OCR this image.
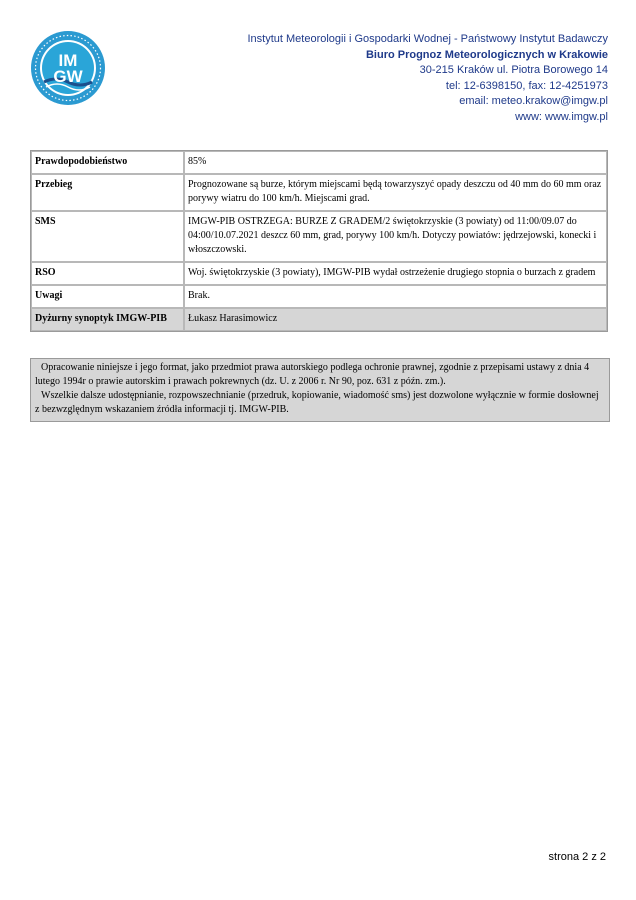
IM
GW
Instytut Meteorologii i Gospodarki Wodnej - Państwowy Instytut Badawczy
Biuro Prognoz Meteorologicznych w Krakowie
30-215 Kraków ul. Piotra Borowego 14
tel: 12-6398150, fax: 12-4251973
email: meteo.krakow@imgw.pl
www: www.imgw.pl
Prawdopodobieństwo	85%
Przebieg	Prognozowane są burze, którym miejscami będą towarzyszyć opady deszczu od 40 mm do 60 mm oraz porywy wiatru do 100 km/h. Miejscami grad.
SMS	IMGW-PIB OSTRZEGA: BURZE Z GRADEM/2 świętokrzyskie (3 powiaty) od 11:00/09.07 do 04:00/10.07.2021 deszcz 60 mm, grad, porywy 100 km/h. Dotyczy powiatów: jędrzejowski, konecki i włoszczowski.
RSO	Woj. świętokrzyskie (3 powiaty), IMGW-PIB wydał ostrzeżenie drugiego stopnia o burzach z gradem
Uwagi	Brak.
Dyżurny synoptyk IMGW-PIB	Łukasz Harasimowicz

Opracowanie niniejsze i jego format, jako przedmiot prawa autorskiego podlega ochronie prawnej, zgodnie z przepisami ustawy z dnia 4 lutego 1994r o prawie autorskim i prawach pokrewnych (dz. U. z 2006 r. Nr 90, poz. 631 z późn. zm.).

Wszelkie dalsze udostępnianie, rozpowszechnianie (przedruk, kopiowanie, wiadomość sms) jest dozwolone wyłącznie w formie dosłownej z bezwzględnym wskazaniem źródła informacji tj. IMGW-PIB.

strona 2 z 2
